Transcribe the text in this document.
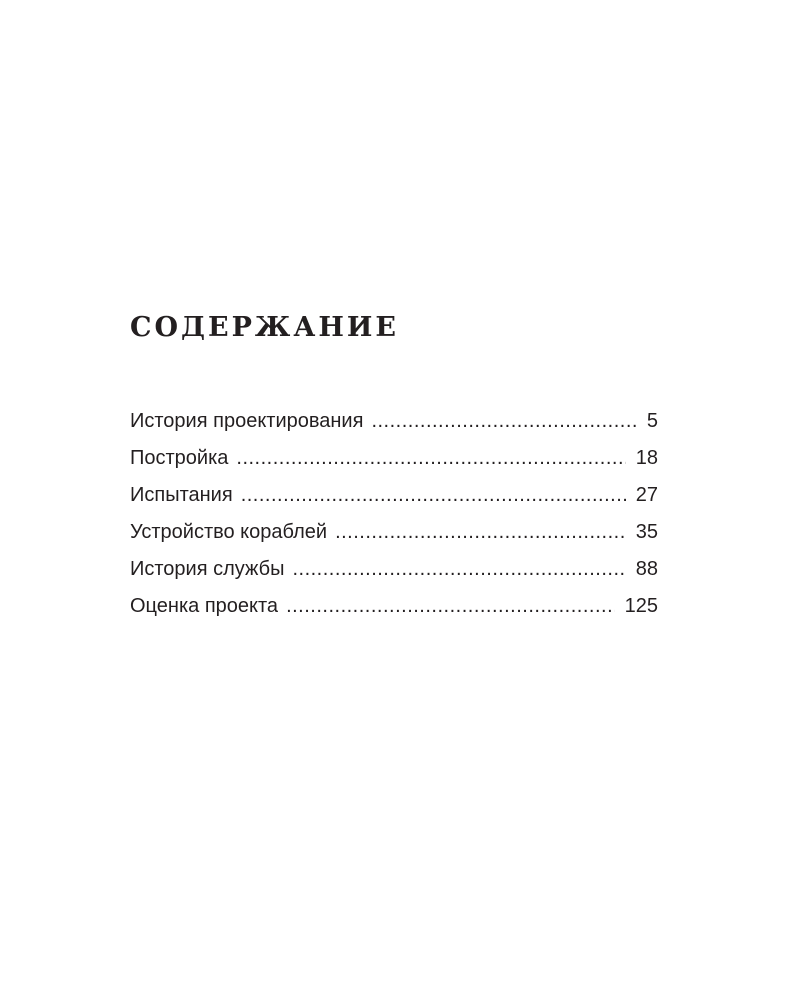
СОДЕРЖАНИЕ
История проектирования .....	5
Постройка .....	18
Испытания .....	27
Устройство кораблей .....	35
История службы .....	88
Оценка проекта .....	125
